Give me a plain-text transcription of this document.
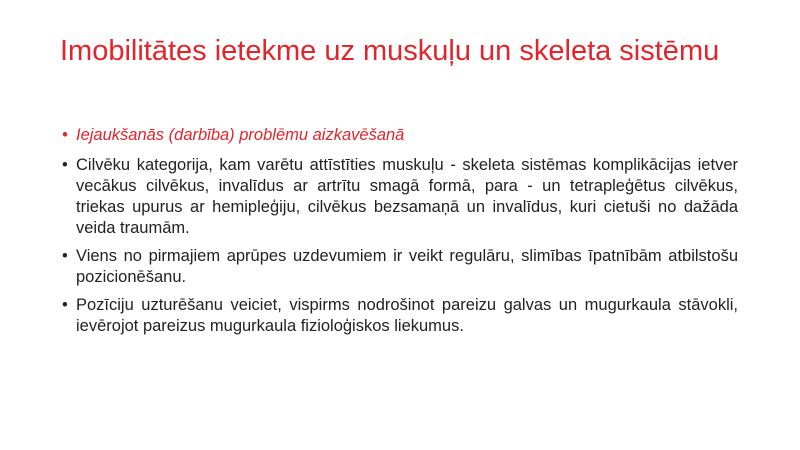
Imobilitātes ietekme uz muskuļu un skeleta sistēmu
• Iejaukšanās (darbība) problēmu aizkavēšanā
• Cilvēku kategorija, kam varētu attīstīties muskuļu - skeleta sistēmas komplikācijas ietver vecākus cilvēkus, invalīdus ar artrītu smagā formā, para - un tetrapleģētus cilvēkus, triekas upurus ar hemipleģiju, cilvēkus bezsamaņā un invalīdus, kuri cietuši no dažāda veida traumām.
• Viens no pirmajiem aprūpes uzdevumiem ir veikt regulāru, slimības īpatnībām atbilstošu pozicionēšanu.
• Pozīciju uzturēšanu veiciet, vispirms nodrošinot pareizu galvas un mugurkaula stāvokli, ievērojot pareizus mugurkaula fizioloģiskos liekumus.
